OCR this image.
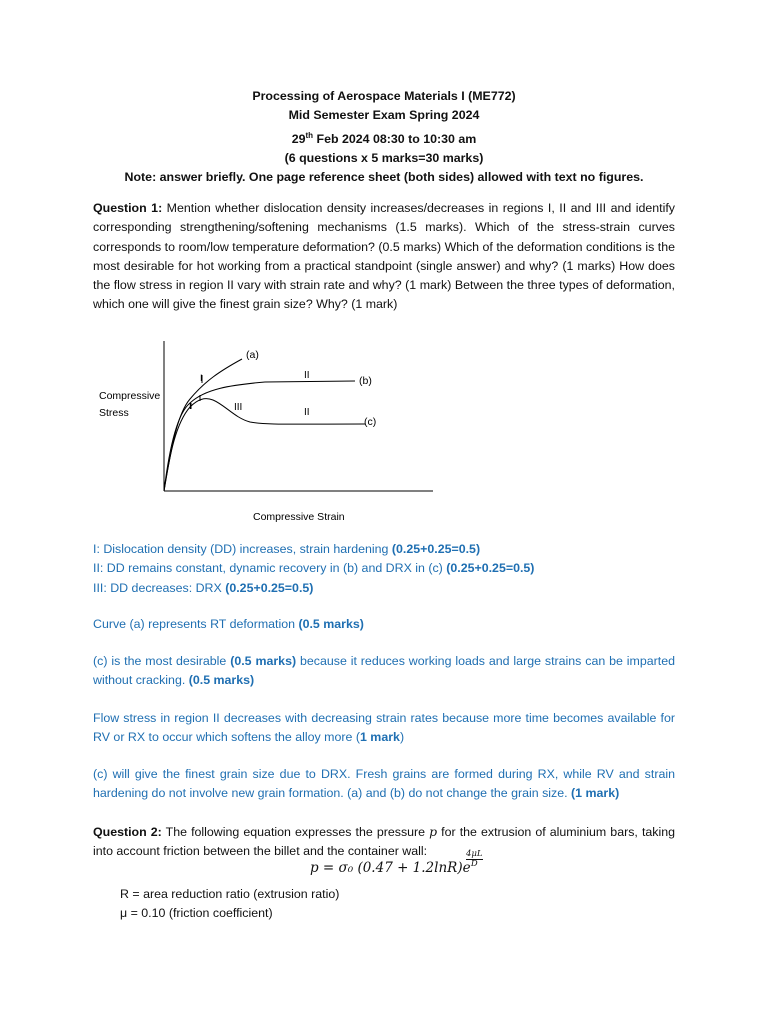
Processing of Aerospace Materials I (ME772)
Mid Semester Exam Spring 2024
29th Feb 2024 08:30 to 10:30 am
(6 questions x 5 marks=30 marks)
Note: answer briefly. One page reference sheet (both sides) allowed with text no figures.
Question 1: Mention whether dislocation density increases/decreases in regions I, II and III and identify corresponding strengthening/softening mechanisms (1.5 marks). Which of the stress-strain curves corresponds to room/low temperature deformation? (0.5 marks) Which of the deformation conditions is the most desirable for hot working from a practical standpoint (single answer) and why? (1 marks) How does the flow stress in region II vary with strain rate and why? (1 mark) Between the three types of deformation, which one will give the finest grain size? Why? (1 mark)
Compressive
Stress
(a)
(b)
(c)
II
II
III
I
I
Compressive Strain
I: Dislocation density (DD) increases, strain hardening (0.25+0.25=0.5)
II: DD remains constant, dynamic recovery in (b) and DRX in (c) (0.25+0.25=0.5)
III: DD decreases: DRX (0.25+0.25=0.5)
Curve (a) represents RT deformation (0.5 marks)
(c) is the most desirable (0.5 marks) because it reduces working loads and large strains can be imparted without cracking. (0.5 marks)
Flow stress in region II decreases with decreasing strain rates because more time becomes available for RV or RX to occur which softens the alloy more (1 mark)
(c) will give the finest grain size due to DRX. Fresh grains are formed during RX, while RV and strain hardening do not involve new grain formation. (a) and (b) do not change the grain size. (1 mark)
Question 2: The following equation expresses the pressure p for the extrusion of aluminium bars, taking into account friction between the billet and the container wall:
p = σ₀ (0.47 + 1.2lnR)e
4μL
D
R = area reduction ratio (extrusion ratio)
μ = 0.10 (friction coefficient)
